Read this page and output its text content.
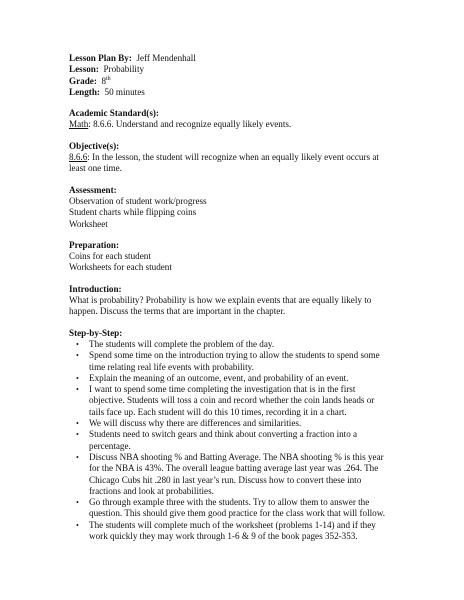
Lesson Plan By: Jeff Mendenhall
Lesson: Probability
Grade: 8th
Length: 50 minutes
Academic Standard(s):
Math: 8.6.6. Understand and recognize equally likely events.
Objective(s):
8.6.6: In the lesson, the student will recognize when an equally likely event occurs at
least one time.
Assessment:
Observation of student work/progress
Student charts while flipping coins
Worksheet
Preparation:
Coins for each student
Worksheets for each student
Introduction:
What is probability? Probability is how we explain events that are equally likely to
happen. Discuss the terms that are important in the chapter.
Step-by-Step:
• The students will complete the problem of the day.
• Spend some time on the introduction trying to allow the students to spend some
time relating real life events with probability.
• Explain the meaning of an outcome, event, and probability of an event.
• I want to spend some time completing the investigation that is in the first
objective. Students will toss a coin and record whether the coin lands heads or
tails face up. Each student will do this 10 times, recording it in a chart.
• We will discuss why there are differences and similarities.
• Students need to switch gears and think about converting a fraction into a
percentage.
• Discuss NBA shooting % and Batting Average. The NBA shooting % is this year
for the NBA is 43%. The overall league batting average last year was .264. The
Chicago Cubs hit .280 in last year’s run. Discuss how to convert these into
fractions and look at probabilities.
• Go through example three with the students. Try to allow them to answer the
question. This should give them good practice for the class work that will follow.
• The students will complete much of the worksheet (problems 1-14) and if they
work quickly they may work through 1-6 & 9 of the book pages 352-353.
